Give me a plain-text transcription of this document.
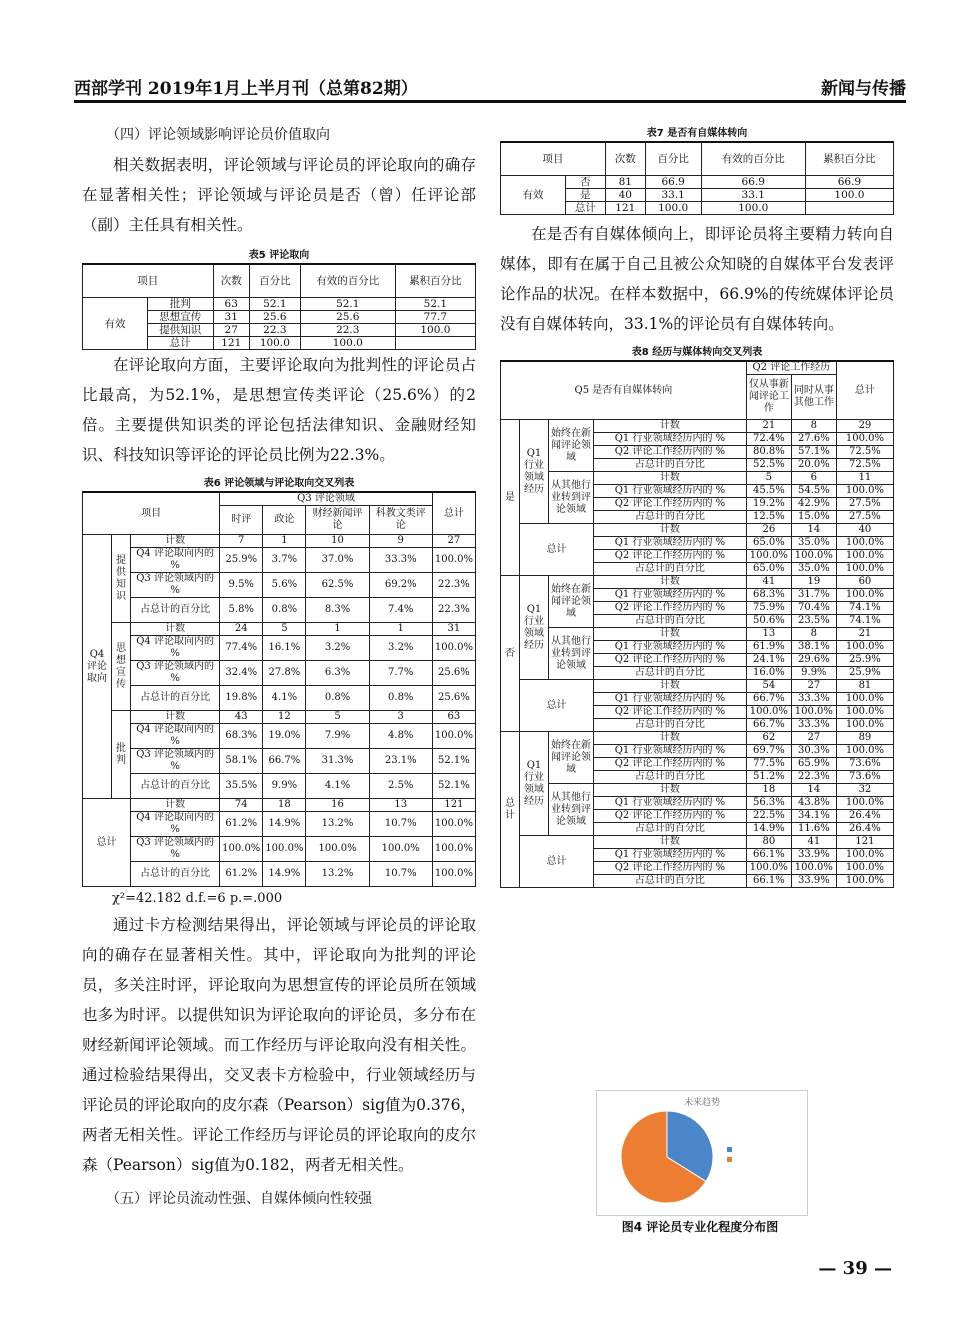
西部学刊 2019年1月上半月刊（总第82期）	新闻与传播

（四）评论领域影响评论员价值取向

相关数据表明，评论领域与评论员的评论取向的确存在显著相关性；评论领域与评论员是否（曾）任评论部（副）主任具有相关性。

表5 评论取向
项目		次数	百分比	有效的百分比	累积百分比
有效	批判	63	52.1	52.1	52.1
	思想宣传	31	25.6	25.6	77.7
	提供知识	27	22.3	22.3	100.0
	总计	121	100.0	100.0	

在评论取向方面，主要评论取向为批判性的评论员占比最高，为52.1%，是思想宣传类评论（25.6%）的2倍。主要提供知识类的评论包括法律知识、金融财经知识、科技知识等评论的评论员比例为22.3%。

表6 评论领域与评论取向交叉列表
项目			Q3 评论领域				总计
			时评	政论	财经新闻评论	科教文类评论	
Q4评论取向	提供知识	计数	7	1	10	9	27
		Q4 评论取向内的 %	25.9%	3.7%	37.0%	33.3%	100.0%
		Q3 评论领域内的 %	9.5%	5.6%	62.5%	69.2%	22.3%
		占总计的百分比	5.8%	0.8%	8.3%	7.4%	22.3%
	思想宣传	计数	24	5	1	1	31
		Q4 评论取向内的 %	77.4%	16.1%	3.2%	3.2%	100.0%
		Q3 评论领域内的 %	32.4%	27.8%	6.3%	7.7%	25.6%
		占总计的百分比	19.8%	4.1%	0.8%	0.8%	25.6%
	批判	计数	43	12	5	3	63
		Q4 评论取向内的 %	68.3%	19.0%	7.9%	4.8%	100.0%
		Q3 评论领域内的 %	58.1%	66.7%	31.3%	23.1%	52.1%
		占总计的百分比	35.5%	9.9%	4.1%	2.5%	52.1%
总计		计数	74	18	16	13	121
		Q4 评论取向内的 %	61.2%	14.9%	13.2%	10.7%	100.0%
		Q3 评论领域内的 %	100.0%	100.0%	100.0%	100.0%	100.0%
		占总计的百分比	61.2%	14.9%	13.2%	10.7%	100.0%
χ²=42.182 d.f.=6 p.=.000

通过卡方检测结果得出，评论领域与评论员的评论取向的确存在显著相关性。其中，评论取向为批判的评论员，多关注时评，评论取向为思想宣传的评论员所在领域也多为时评。以提供知识为评论取向的评论员，多分布在财经新闻评论领域。而工作经历与评论取向没有相关性。通过检验结果得出，交叉表卡方检验中，行业领域经历与评论员的评论取向的皮尔森（Pearson）sig值为0.376，两者无相关性。评论工作经历与评论员的评论取向的皮尔森（Pearson）sig值为0.182，两者无相关性。

（五）评论员流动性强、自媒体倾向性较强

表7 是否有自媒体转向
项目		次数	百分比	有效的百分比	累积百分比
有效	否	81	66.9	66.9	66.9
	是	40	33.1	33.1	100.0
	总计	121	100.0	100.0	

在是否有自媒体倾向上，即评论员将主要精力转向自媒体，即有在属于自己且被公众知晓的自媒体平台发表评论作品的状况。在样本数据中，66.9%的传统媒体评论员没有自媒体转向，33.1%的评论员有自媒体转向。

表8 经历与媒体转向交叉列表
Q5 是否有自媒体转向				Q2 评论工作经历		总计
				仅从事新闻评论工作	同时从事其他工作	
是	Q1行业领域经历	始终在新闻评论领域	计数	21	8	29
			Q1 行业领域经历内的 %	72.4%	27.6%	100.0%
			Q2 评论工作经历内的 %	80.8%	57.1%	72.5%
			占总计的百分比	52.5%	20.0%	72.5%
		从其他行业转到评论领域	计数	5	6	11
			Q1 行业领域经历内的 %	45.5%	54.5%	100.0%
			Q2 评论工作经历内的 %	19.2%	42.9%	27.5%
			占总计的百分比	12.5%	15.0%	27.5%
	总计		计数	26	14	40
			Q1 行业领域经历内的 %	65.0%	35.0%	100.0%
			Q2 评论工作经历内的 %	100.0%	100.0%	100.0%
			占总计的百分比	65.0%	35.0%	100.0%
否	Q1行业领域经历	始终在新闻评论领域	计数	41	19	60
			Q1 行业领域经历内的 %	68.3%	31.7%	100.0%
			Q2 评论工作经历内的 %	75.9%	70.4%	74.1%
			占总计的百分比	50.6%	23.5%	74.1%
		从其他行业转到评论领域	计数	13	8	21
			Q1 行业领域经历内的 %	61.9%	38.1%	100.0%
			Q2 评论工作经历内的 %	24.1%	29.6%	25.9%
			占总计的百分比	16.0%	9.9%	25.9%
	总计		计数	54	27	81
			Q1 行业领域经历内的 %	66.7%	33.3%	100.0%
			Q2 评论工作经历内的 %	100.0%	100.0%	100.0%
			占总计的百分比	66.7%	33.3%	100.0%
总计	Q1行业领域经历	始终在新闻评论领域	计数	62	27	89
			Q1 行业领域经历内的 %	69.7%	30.3%	100.0%
			Q2 评论工作经历内的 %	77.5%	65.9%	73.6%
			占总计的百分比	51.2%	22.3%	73.6%
		从其他行业转到评论领域	计数	18	14	32
			Q1 行业领域经历内的 %	56.3%	43.8%	100.0%
			Q2 评论工作经历内的 %	22.5%	34.1%	26.4%
			占总计的百分比	14.9%	11.6%	26.4%
	总计		计数	80	41	121
			Q1 行业领域经历内的 %	66.1%	33.9%	100.0%
			Q2 评论工作经历内的 %	100.0%	100.0%	100.0%
			占总计的百分比	66.1%	33.9%	100.0%
未来趋势
图4 评论员专业化程度分布图
— 39 —
